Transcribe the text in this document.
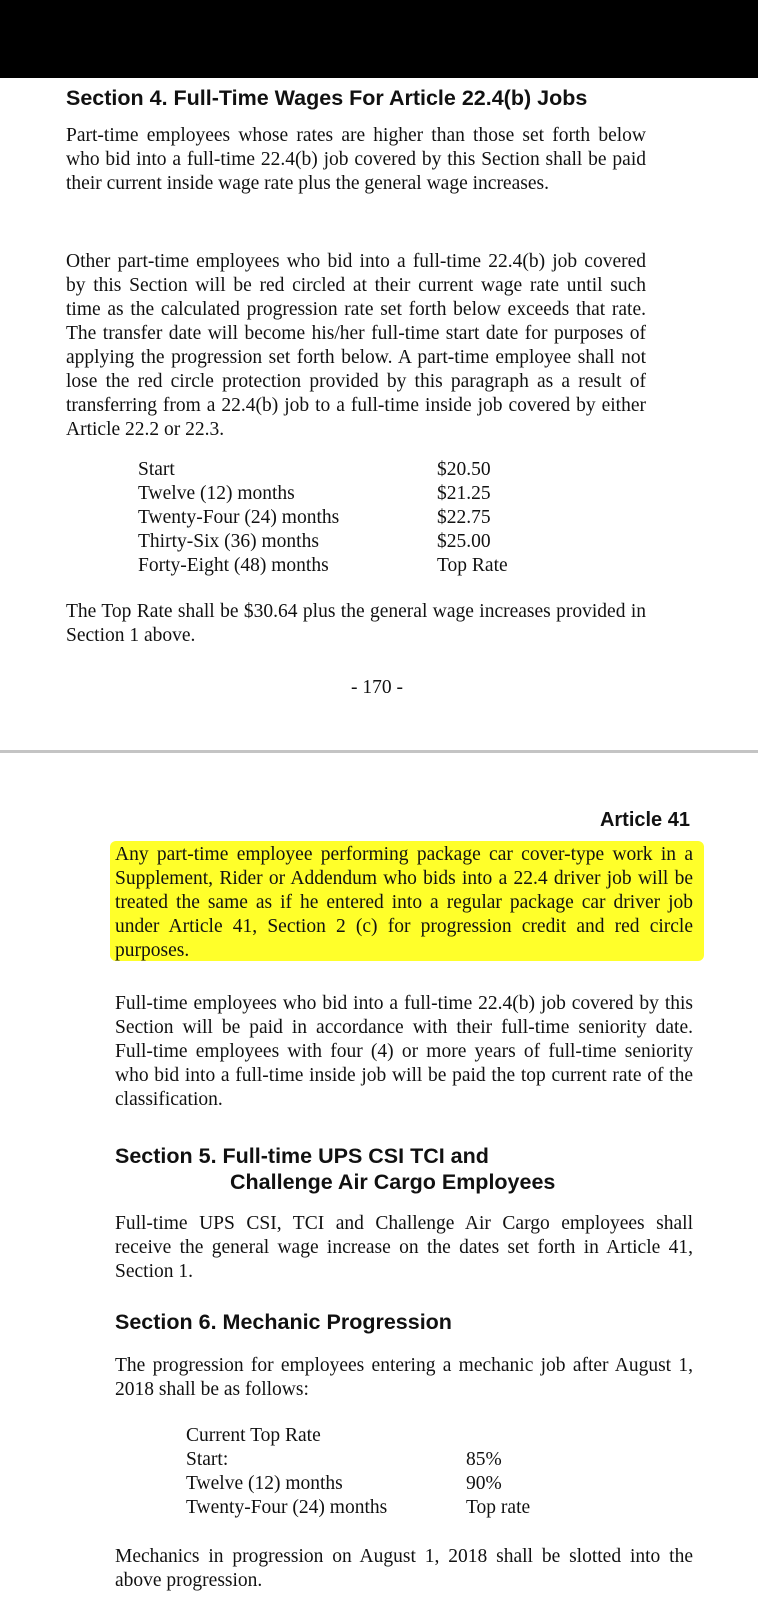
Section 4. Full-Time Wages For Article 22.4(b) Jobs

Part-time employees whose rates are higher than those set forth below who bid into a full-time 22.4(b) job covered by this Section shall be paid their current inside wage rate plus the general wage increases.

Other part-time employees who bid into a full-time 22.4(b) job covered by this Section will be red circled at their current wage rate until such time as the calculated progression rate set forth below exceeds that rate. The transfer date will become his/her full-time start date for purposes of applying the progression set forth below. A part-time employee shall not lose the red circle protection provided by this paragraph as a result of transferring from a 22.4(b) job to a full-time inside job covered by either Article 22.2 or 22.3.

Start	$20.50
Twelve (12) months	$21.25
Twenty-Four (24) months	$22.75
Thirty-Six (36) months	$25.00
Forty-Eight (48) months	Top Rate

The Top Rate shall be $30.64 plus the general wage increases provided in Section 1 above.

- 170 -
Article 41

Any part-time employee performing package car cover-type work in a Supplement, Rider or Addendum who bids into a 22.4 driver job will be treated the same as if he entered into a regular package car driver job under Article 41, Section 2 (c) for progression credit and red circle purposes.

Full-time employees who bid into a full-time 22.4(b) job covered by this Section will be paid in accordance with their full-time seniority date. Full-time employees with four (4) or more years of full-time seniority who bid into a full-time inside job will be paid the top current rate of the classification.

Section 5. Full-time UPS CSI TCI and
Challenge Air Cargo Employees

Full-time UPS CSI, TCI and Challenge Air Cargo employees shall receive the general wage increase on the dates set forth in Article 41, Section 1.

Section 6. Mechanic Progression

The progression for employees entering a mechanic job after August 1, 2018 shall be as follows:

Current Top Rate
Start:	85%
Twelve (12) months	90%
Twenty-Four (24) months	Top rate

Mechanics in progression on August 1, 2018 shall be slotted into the above progression.
